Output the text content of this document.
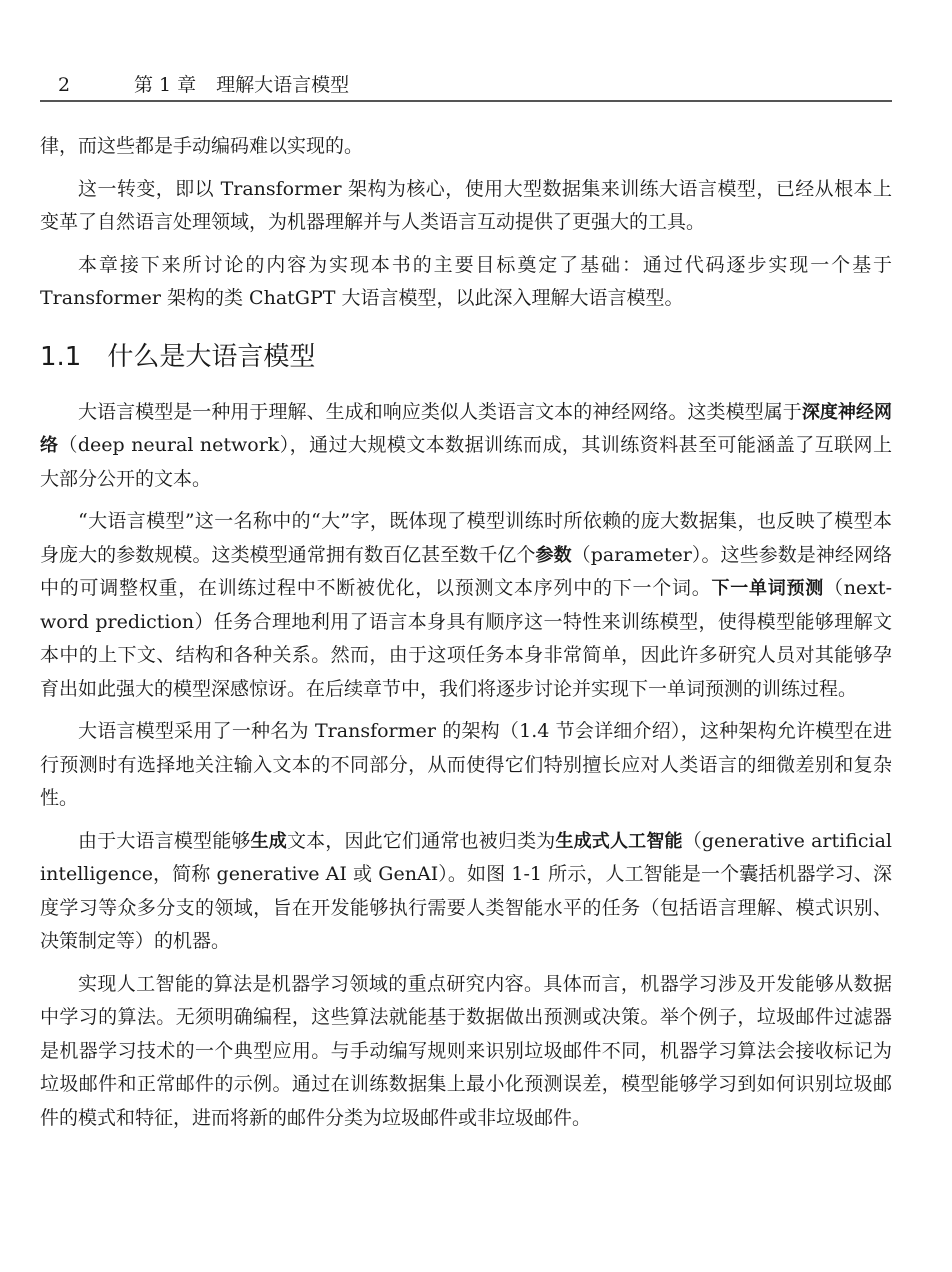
2	第 1 章 理解大语言模型

律，而这些都是手动编码难以实现的。

这一转变，即以 Transformer 架构为核心，使用大型数据集来训练大语言模型，已经从根本上变革了自然语言处理领域，为机器理解并与人类语言互动提供了更强大的工具。

本章接下来所讨论的内容为实现本书的主要目标奠定了基础：通过代码逐步实现一个基于 Transformer 架构的类 ChatGPT 大语言模型，以此深入理解大语言模型。

1.1 什么是大语言模型

大语言模型是一种用于理解、生成和响应类似人类语言文本的神经网络。这类模型属于深度神经网络（deep neural network），通过大规模文本数据训练而成，其训练资料甚至可能涵盖了互联网上大部分公开的文本。

“大语言模型”这一名称中的“大”字，既体现了模型训练时所依赖的庞大数据集，也反映了模型本身庞大的参数规模。这类模型通常拥有数百亿甚至数千亿个参数（parameter）。这些参数是神经网络中的可调整权重，在训练过程中不断被优化，以预测文本序列中的下一个词。下一单词预测（next-word prediction）任务合理地利用了语言本身具有顺序这一特性来训练模型，使得模型能够理解文本中的上下文、结构和各种关系。然而，由于这项任务本身非常简单，因此许多研究人员对其能够孕育出如此强大的模型深感惊讶。在后续章节中，我们将逐步讨论并实现下一单词预测的训练过程。

大语言模型采用了一种名为 Transformer 的架构（1.4 节会详细介绍），这种架构允许模型在进行预测时有选择地关注输入文本的不同部分，从而使得它们特别擅长应对人类语言的细微差别和复杂性。

由于大语言模型能够生成文本，因此它们通常也被归类为生成式人工智能（generative artificial intelligence，简称 generative AI 或 GenAI）。如图 1-1 所示，人工智能是一个囊括机器学习、深度学习等众多分支的领域，旨在开发能够执行需要人类智能水平的任务（包括语言理解、模式识别、决策制定等）的机器。

实现人工智能的算法是机器学习领域的重点研究内容。具体而言，机器学习涉及开发能够从数据中学习的算法。无须明确编程，这些算法就能基于数据做出预测或决策。举个例子，垃圾邮件过滤器是机器学习技术的一个典型应用。与手动编写规则来识别垃圾邮件不同，机器学习算法会接收标记为垃圾邮件和正常邮件的示例。通过在训练数据集上最小化预测误差，模型能够学习到如何识别垃圾邮件的模式和特征，进而将新的邮件分类为垃圾邮件或非垃圾邮件。
